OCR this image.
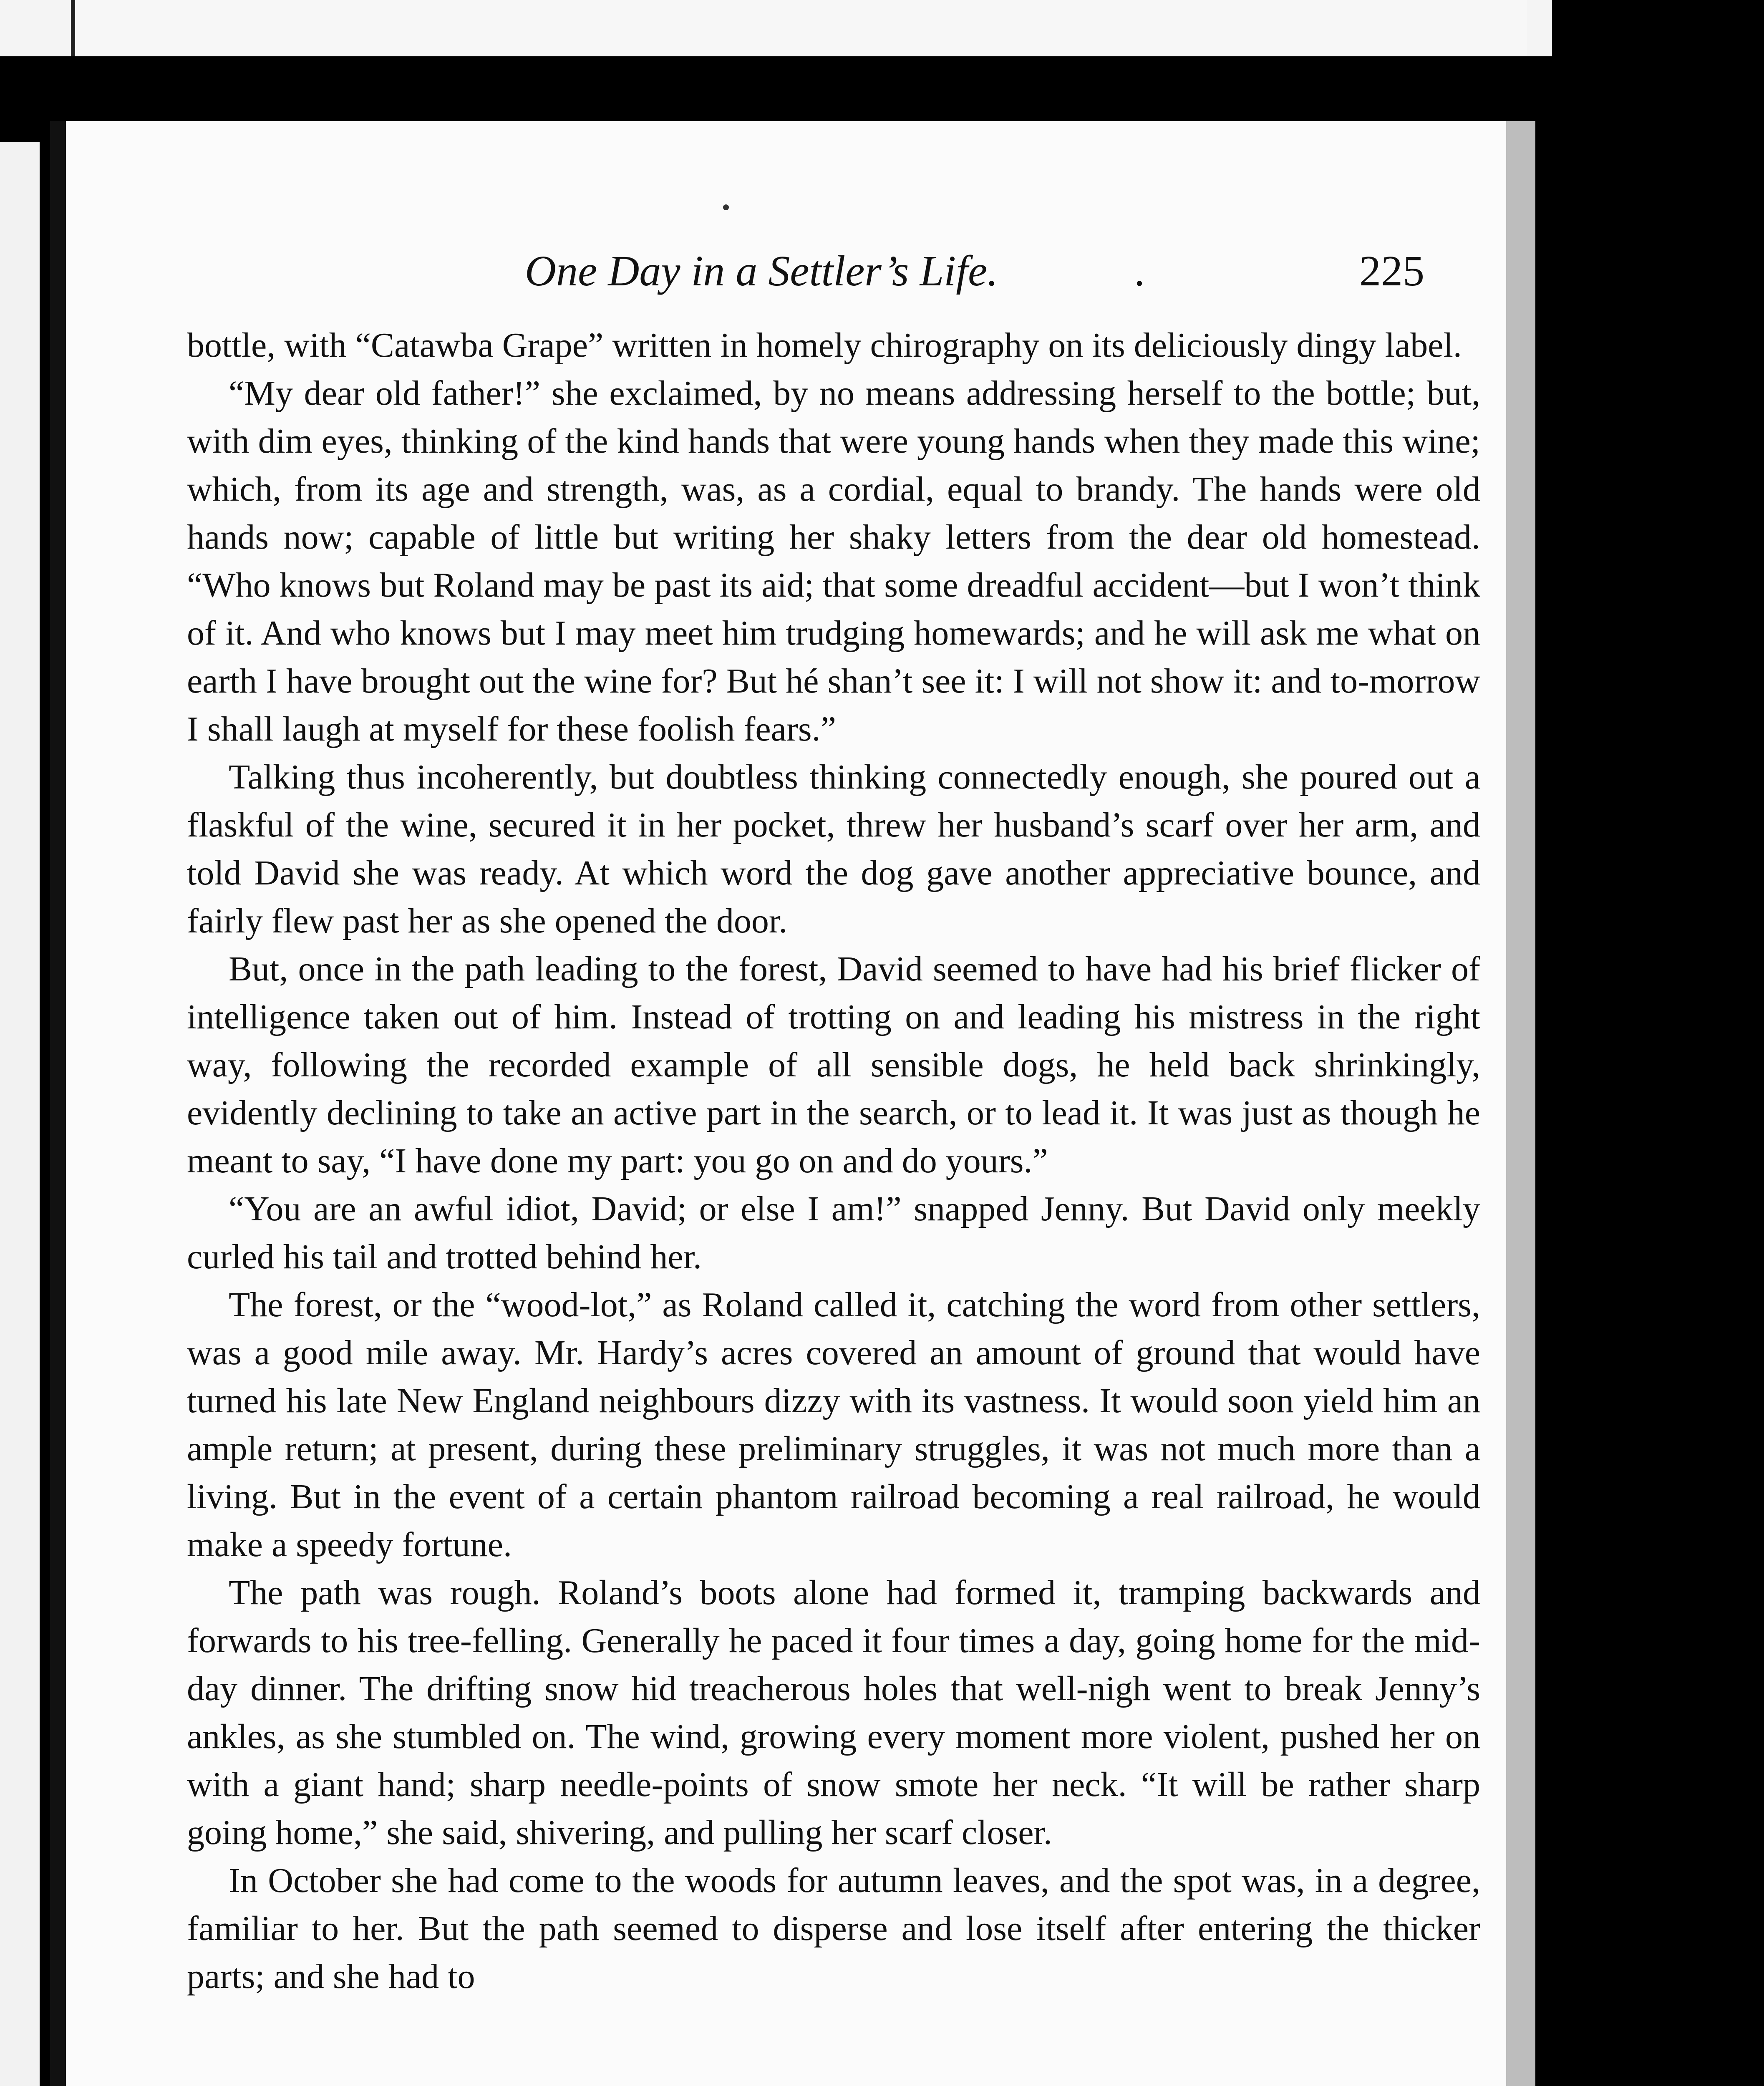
One Day in a Settler’s Life.	.	225

bottle, with “Catawba Grape” written in homely chirography on its deliciously dingy label.

“My dear old father!” she exclaimed, by no means addressing herself to the bottle; but, with dim eyes, thinking of the kind hands that were young hands when they made this wine; which, from its age and strength, was, as a cordial, equal to brandy. The hands were old hands now; capable of little but writing her shaky letters from the dear old homestead. “Who knows but Roland may be past its aid; that some dreadful accident—but I won’t think of it. And who knows but I may meet him trudging homewards; and he will ask me what on earth I have brought out the wine for? But hé shan’t see it: I will not show it: and to-morrow I shall laugh at myself for these foolish fears.”

Talking thus incoherently, but doubtless thinking connectedly enough, she poured out a flaskful of the wine, secured it in her pocket, threw her husband’s scarf over her arm, and told David she was ready. At which word the dog gave another appreciative bounce, and fairly flew past her as she opened the door.

But, once in the path leading to the forest, David seemed to have had his brief flicker of intelligence taken out of him. Instead of trotting on and leading his mistress in the right way, following the recorded example of all sensible dogs, he held back shrinkingly, evidently declining to take an active part in the search, or to lead it. It was just as though he meant to say, “I have done my part: you go on and do yours.”

“You are an awful idiot, David; or else I am!” snapped Jenny. But David only meekly curled his tail and trotted behind her.

The forest, or the “wood-lot,” as Roland called it, catching the word from other settlers, was a good mile away. Mr. Hardy’s acres covered an amount of ground that would have turned his late New England neighbours dizzy with its vastness. It would soon yield him an ample return; at present, during these preliminary struggles, it was not much more than a living. But in the event of a certain phantom railroad becoming a real railroad, he would make a speedy fortune.

The path was rough. Roland’s boots alone had formed it, tramping backwards and forwards to his tree-felling. Generally he paced it four times a day, going home for the mid-day dinner. The drifting snow hid treacherous holes that well-nigh went to break Jenny’s ankles, as she stumbled on. The wind, growing every moment more violent, pushed her on with a giant hand; sharp needle-points of snow smote her neck. “It will be rather sharp going home,” she said, shivering, and pulling her scarf closer.

In October she had come to the woods for autumn leaves, and the spot was, in a degree, familiar to her. But the path seemed to disperse and lose itself after entering the thicker parts; and she had to
